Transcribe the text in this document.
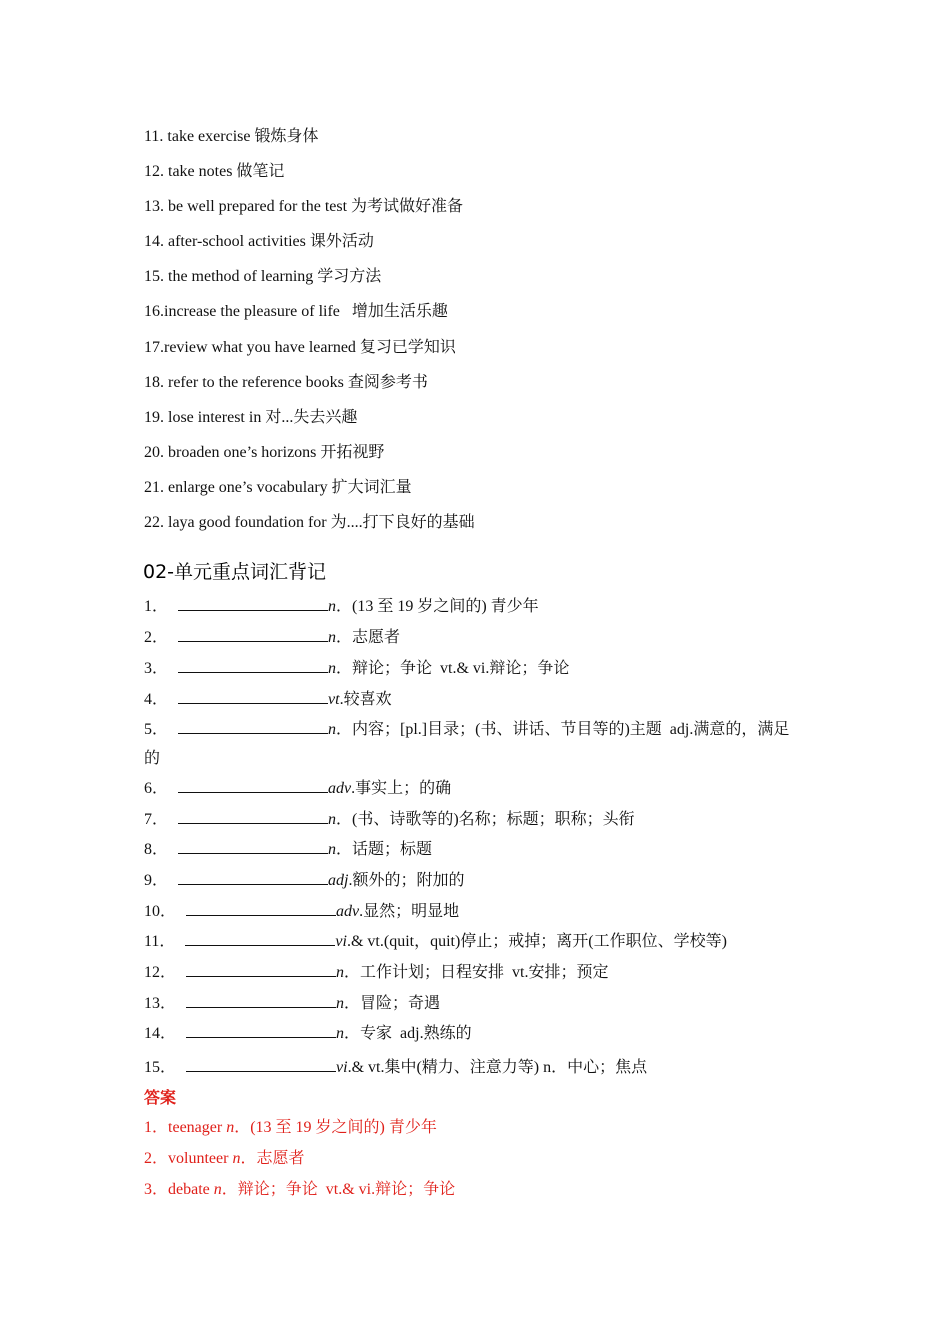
11. take exercise 锻炼身体
12. take notes 做笔记
13. be well prepared for the test 为考试做好准备
14. after-school activities 课外活动
15. the method of learning 学习方法
16.increase the pleasure of life   增加生活乐趣
17.review what you have learned 复习已学知识
18. refer to the reference books 查阅参考书
19. lose interest in 对...失去兴趣
20. broaden one’s horizons 开拓视野
21. enlarge one’s vocabulary 扩大词汇量
22. laya good foundation for 为....打下良好的基础
02-单元重点词汇背记
1．	n．(13 至 19 岁之间的) 青少年
2．	n．志愿者
3．	n．辩论；争论  vt.& vi.辩论；争论
4．	vt.较喜欢
5．	n．内容；[pl.]目录；(书、讲话、节目等的)主题  adj.满意的，满足
的
6．	adv.事实上；的确
7．	n．(书、诗歌等的)名称；标题；职称；头衔
8．	n．话题；标题
9．	adj.额外的；附加的
10．	adv.显然；明显地
11．	vi.& vt.(quit，quit)停止；戒掉；离开(工作职位、学校等)
12．	n．工作计划；日程安排  vt.安排；预定
13．	n．冒险；奇遇
14．	n．专家  adj.熟练的
15．	vi.& vt.集中(精力、注意力等) n．中心；焦点
答案
1．teenager n．(13 至 19 岁之间的) 青少年
2．volunteer n．志愿者
3．debate n．辩论；争论  vt.& vi.辩论；争论
